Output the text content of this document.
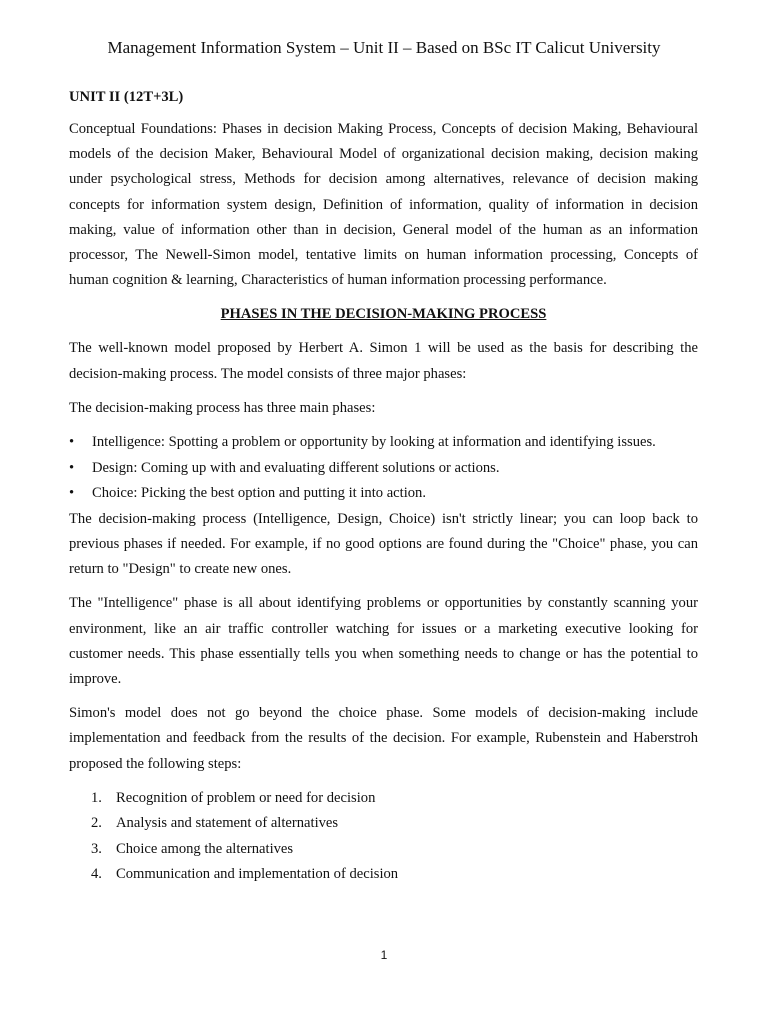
Management Information System – Unit II – Based on BSc IT Calicut University
UNIT II (12T+3L)

Conceptual Foundations: Phases in decision Making Process, Concepts of decision Making, Behavioural models of the decision Maker, Behavioural Model of organizational decision making, decision making under psychological stress, Methods for decision among alternatives, relevance of decision making concepts for information system design, Definition of information, quality of information in decision making, value of information other than in decision, General model of the human as an information processor, The Newell-Simon model, tentative limits on human information processing, Concepts of human cognition & learning, Characteristics of human information processing performance.

PHASES IN THE DECISION-MAKING PROCESS

The well-known model proposed by Herbert A. Simon 1 will be used as the basis for describing the decision-making process. The model consists of three major phases:

The decision-making process has three main phases:

• Intelligence: Spotting a problem or opportunity by looking at information and identifying issues.
• Design: Coming up with and evaluating different solutions or actions.
• Choice: Picking the best option and putting it into action.

The decision-making process (Intelligence, Design, Choice) isn't strictly linear; you can loop back to previous phases if needed. For example, if no good options are found during the "Choice" phase, you can return to "Design" to create new ones.

The "Intelligence" phase is all about identifying problems or opportunities by constantly scanning your environment, like an air traffic controller watching for issues or a marketing executive looking for customer needs. This phase essentially tells you when something needs to change or has the potential to improve.

Simon's model does not go beyond the choice phase. Some models of decision-making include implementation and feedback from the results of the decision. For example, Rubenstein and Haberstroh proposed the following steps:

1. Recognition of problem or need for decision
2. Analysis and statement of alternatives
3. Choice among the alternatives
4. Communication and implementation of decision
1
